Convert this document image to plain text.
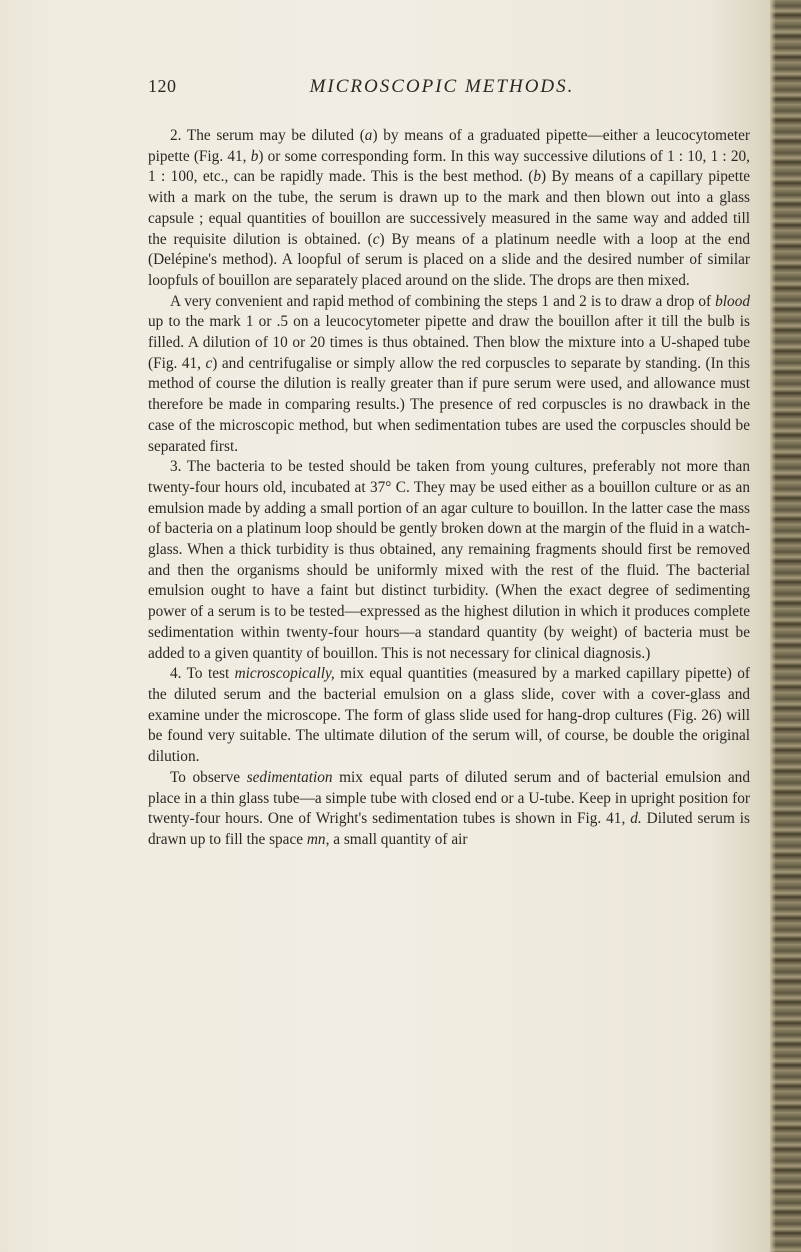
120	MICROSCOPIC METHODS.

2. The serum may be diluted (a) by means of a graduated pipette—either a leucocytometer pipette (Fig. 41, b) or some corresponding form. In this way successive dilutions of 1 : 10, 1 : 20, 1 : 100, etc., can be rapidly made. This is the best method. (b) By means of a capillary pipette with a mark on the tube, the serum is drawn up to the mark and then blown out into a glass capsule ; equal quantities of bouillon are successively measured in the same way and added till the requisite dilution is obtained. (c) By means of a platinum needle with a loop at the end (Delépine's method). A loopful of serum is placed on a slide and the desired number of similar loopfuls of bouillon are separately placed around on the slide. The drops are then mixed.

A very convenient and rapid method of combining the steps 1 and 2 is to draw a drop of blood up to the mark 1 or .5 on a leucocytometer pipette and draw the bouillon after it till the bulb is filled. A dilution of 10 or 20 times is thus obtained. Then blow the mixture into a U-shaped tube (Fig. 41, c) and centrifugalise or simply allow the red corpuscles to separate by standing. (In this method of course the dilution is really greater than if pure serum were used, and allowance must therefore be made in comparing results.) The presence of red corpuscles is no drawback in the case of the microscopic method, but when sedimentation tubes are used the corpuscles should be separated first.

3. The bacteria to be tested should be taken from young cultures, preferably not more than twenty-four hours old, incubated at 37° C. They may be used either as a bouillon culture or as an emulsion made by adding a small portion of an agar culture to bouillon. In the latter case the mass of bacteria on a platinum loop should be gently broken down at the margin of the fluid in a watch-glass. When a thick turbidity is thus obtained, any remaining fragments should first be removed and then the organisms should be uniformly mixed with the rest of the fluid. The bacterial emulsion ought to have a faint but distinct turbidity. (When the exact degree of sedimenting power of a serum is to be tested—expressed as the highest dilution in which it produces complete sedimentation within twenty-four hours—a standard quantity (by weight) of bacteria must be added to a given quantity of bouillon. This is not necessary for clinical diagnosis.)

4. To test microscopically, mix equal quantities (measured by a marked capillary pipette) of the diluted serum and the bacterial emulsion on a glass slide, cover with a cover-glass and examine under the microscope. The form of glass slide used for hang-drop cultures (Fig. 26) will be found very suitable. The ultimate dilution of the serum will, of course, be double the original dilution.

To observe sedimentation mix equal parts of diluted serum and of bacterial emulsion and place in a thin glass tube—a simple tube with closed end or a U-tube. Keep in upright position for twenty-four hours. One of Wright's sedimentation tubes is shown in Fig. 41, d. Diluted serum is drawn up to fill the space mn, a small quantity of air
